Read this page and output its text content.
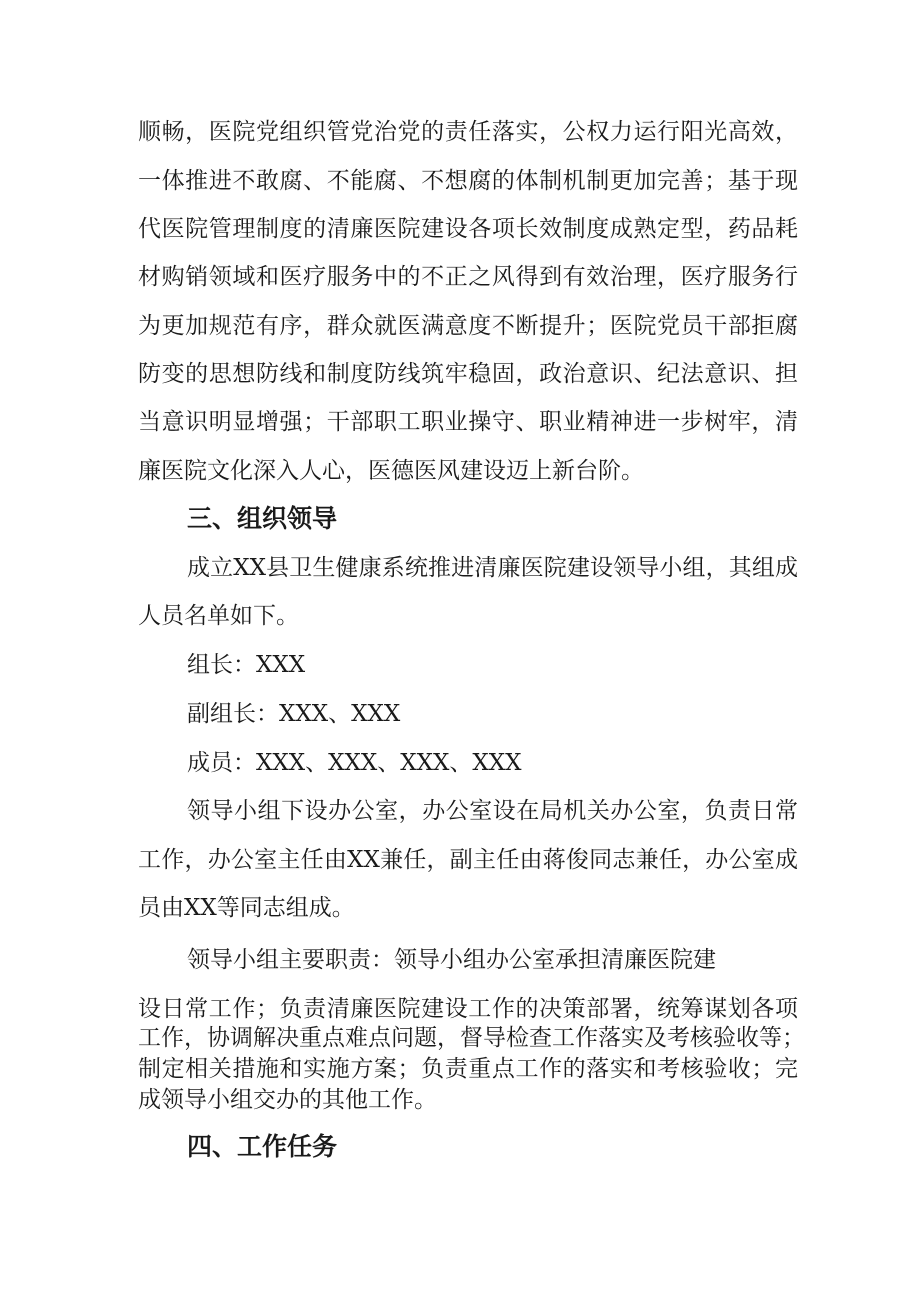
顺畅，医院党组织管党治党的责任落实，公权力运行阳光高效，
一体推进不敢腐、不能腐、不想腐的体制机制更加完善；基于现
代医院管理制度的清廉医院建设各项长效制度成熟定型，药品耗
材购销领域和医疗服务中的不正之风得到有效治理，医疗服务行
为更加规范有序，群众就医满意度不断提升；医院党员干部拒腐
防变的思想防线和制度防线筑牢稳固，政治意识、纪法意识、担
当意识明显增强；干部职工职业操守、职业精神进一步树牢，清
廉医院文化深入人心，医德医风建设迈上新台阶。
三、组织领导
成立XX县卫生健康系统推进清廉医院建设领导小组，其组成
人员名单如下。
组长：XXX
副组长：XXX、XXX
成员：XXX、XXX、XXX、XXX
领导小组下设办公室，办公室设在局机关办公室，负责日常
工作，办公室主任由XX兼任，副主任由蒋俊同志兼任，办公室成
员由XX等同志组成。
领导小组主要职责：领导小组办公室承担清廉医院建
设日常工作；负责清廉医院建设工作的决策部署，统筹谋划各项
工作，协调解决重点难点问题，督导检查工作落实及考核验收等；
制定相关措施和实施方案；负责重点工作的落实和考核验收；完
成领导小组交办的其他工作。
四、工作任务
